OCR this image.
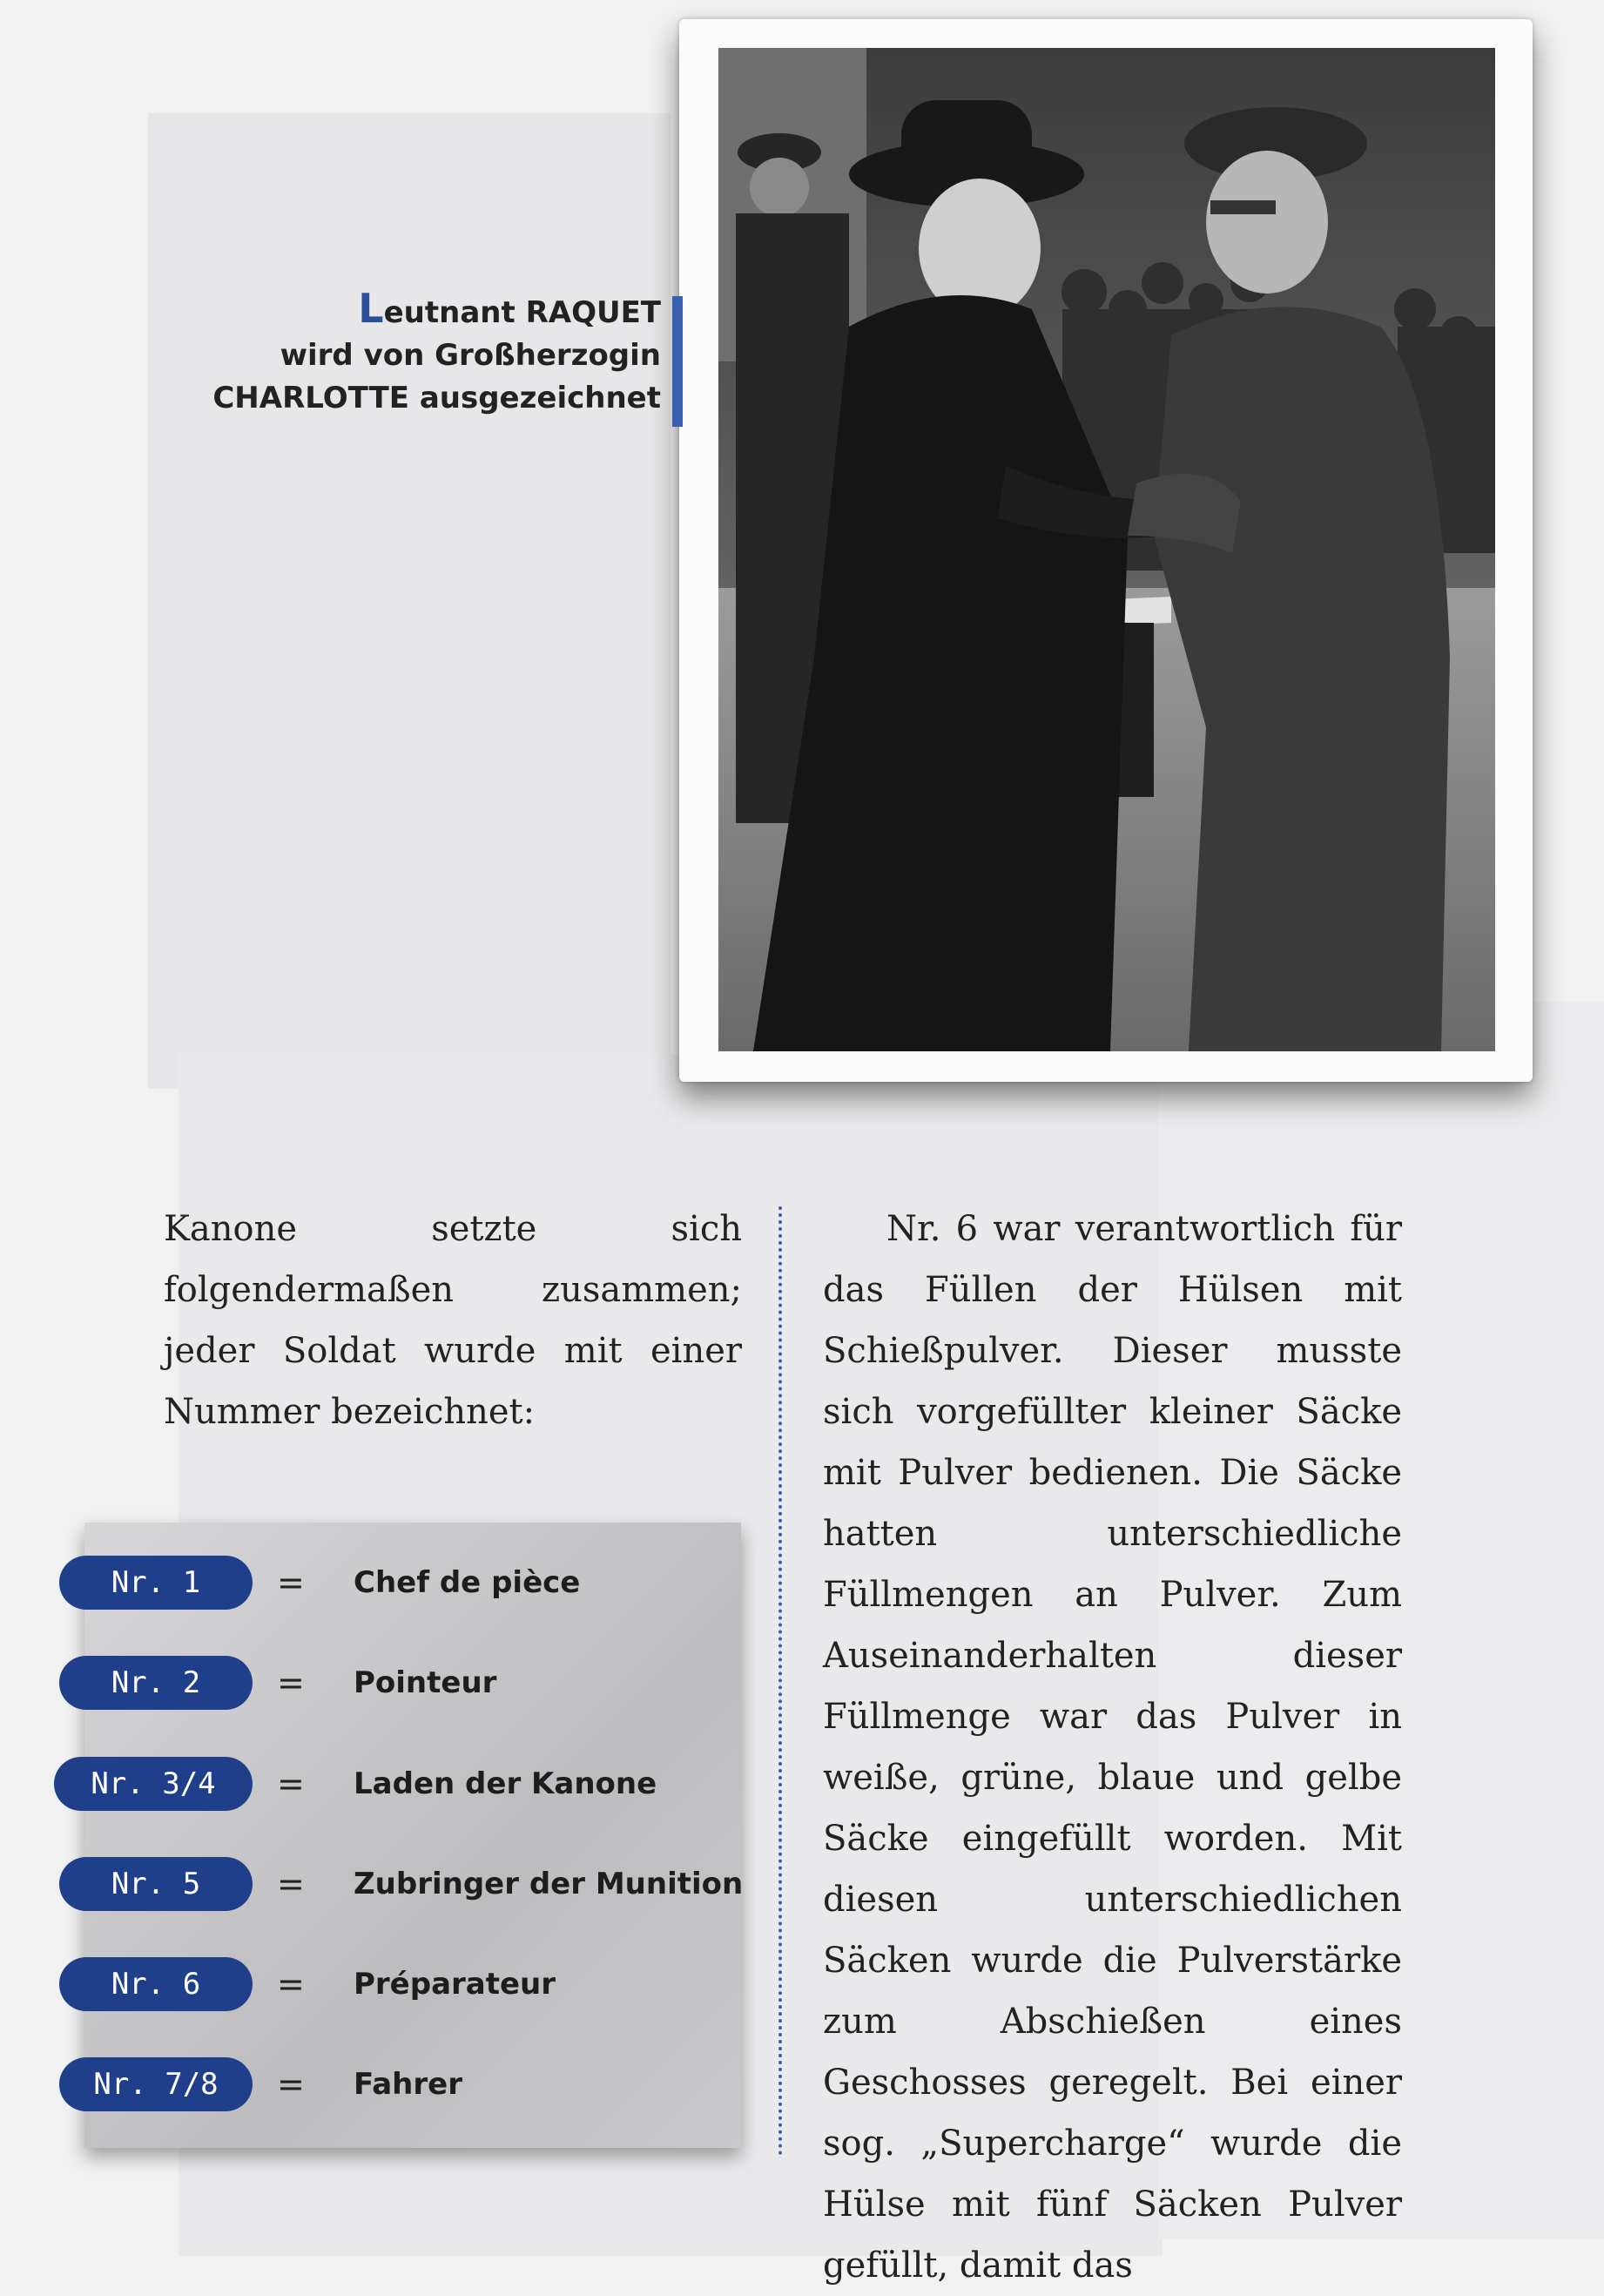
Leutnant RAQUET
wird von Großherzogin
CHARLOTTE ausgezeichnet

Kanone setzte sich folgendermaßen zusammen; jeder Soldat wurde mit einer Nummer bezeichnet:

Nr. 6 war verantwortlich für das Füllen der Hülsen mit Schießpulver. Dieser musste sich vorgefüllter kleiner Säcke mit Pulver bedienen. Die Säcke hatten unterschiedliche Füllmengen an Pulver. Zum Auseinanderhalten dieser Füllmenge war das Pulver in weiße, grüne, blaue und gelbe Säcke eingefüllt worden. Mit diesen unterschiedlichen Säcken wurde die Pulverstärke zum Abschießen eines Geschosses geregelt. Bei einer sog. „Supercharge“ wurde die Hülse mit fünf Säcken Pulver gefüllt, damit das

Nr. 1	= Chef de pièce
Nr. 2	= Pointeur
Nr. 3/4	= Laden der Kanone
Nr. 5	= Zubringer der Munition
Nr. 6	= Préparateur
Nr. 7/8	= Fahrer
